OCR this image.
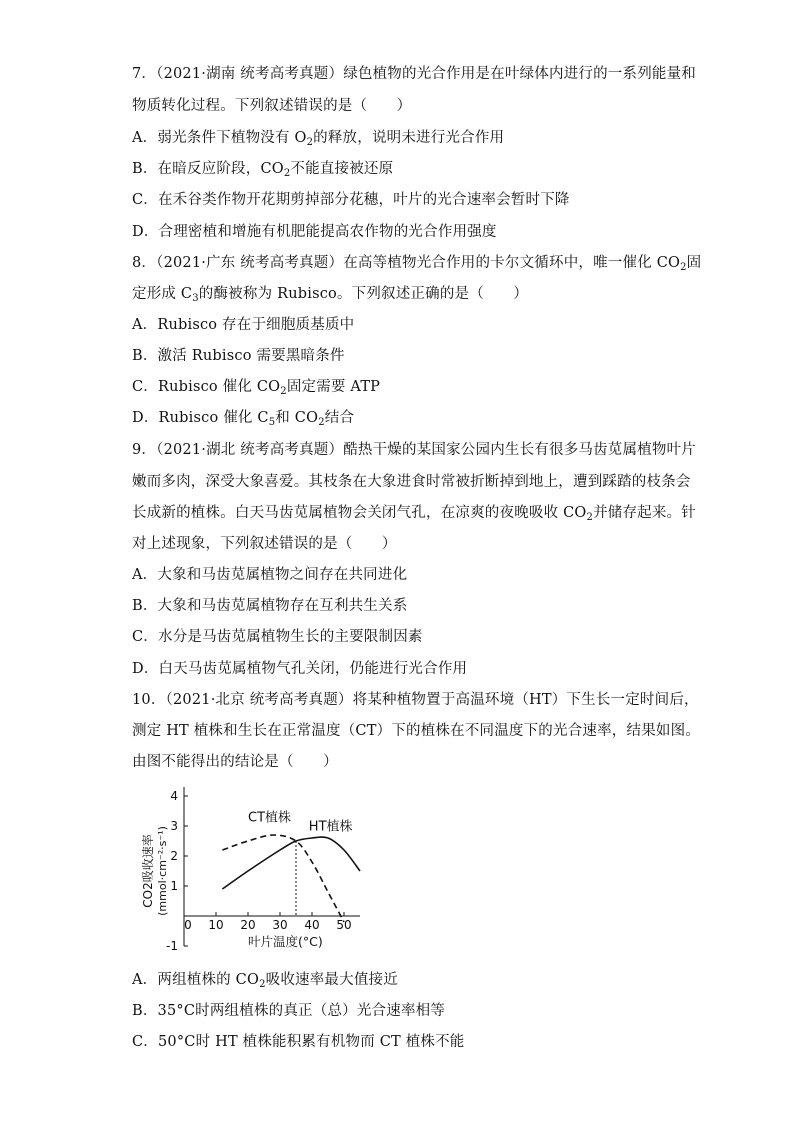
7．（2021·湖南 统考高考真题）绿色植物的光合作用是在叶绿体内进行的一系列能量和
物质转化过程。下列叙述错误的是（　　）
A．弱光条件下植物没有 $O_2$的释放，说明未进行光合作用
B．在暗反应阶段，$CO_2$不能直接被还原
C．在禾谷类作物开花期剪掉部分花穗，叶片的光合速率会暂时下降
D．合理密植和增施有机肥能提高农作物的光合作用强度
8．（2021·广东 统考高考真题）在高等植物光合作用的卡尔文循环中，唯一催化 $CO_2$固
定形成 $C_3$的酶被称为 Rubisco。下列叙述正确的是（　　）
A．Rubisco 存在于细胞质基质中
B．激活 Rubisco 需要黑暗条件
C．Rubisco 催化 $CO_2$固定需要 ATP
D．Rubisco 催化 $C_5$和 $CO_2$结合
9．（2021·湖北 统考高考真题）酷热干燥的某国家公园内生长有很多马齿苋属植物叶片
嫩而多肉，深受大象喜爱。其枝条在大象进食时常被折断掉到地上，遭到踩踏的枝条会
长成新的植株。白天马齿苋属植物会关闭气孔，在凉爽的夜晚吸收 $CO_2$并储存起来。针
对上述现象，下列叙述错误的是（　　）
A．大象和马齿苋属植物之间存在共同进化
B．大象和马齿苋属植物存在互利共生关系
C．水分是马齿苋属植物生长的主要限制因素
D．白天马齿苋属植物气孔关闭，仍能进行光合作用
10．（2021·北京 统考高考真题）将某种植物置于高温环境（HT）下生长一定时间后，
测定 HT 植株和生长在正常温度（CT）下的植株在不同温度下的光合速率，结果如图。
由图不能得出的结论是（　　）
4
3
2
1
-1
0 10 20 30 40 50
CT植株
HT植株
叶片温度(°C)
CO2吸收速率 (mmol·cm⁻²·s⁻¹)
A．两组植株的 $CO_2$吸收速率最大值接近
B．35°C时两组植株的真正（总）光合速率相等
C．50°C时 HT 植株能积累有机物而 CT 植株不能
